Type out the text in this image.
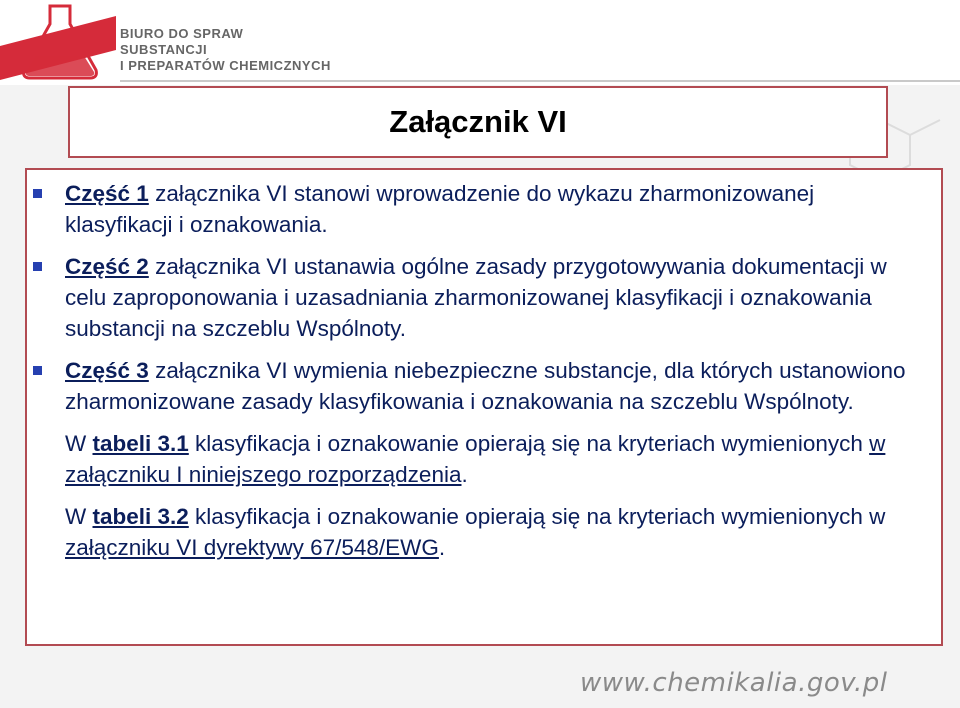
BIURO DO SPRAW
SUBSTANCJI
I PREPARATÓW CHEMICZNYCH
Załącznik VI
Część 1 załącznika VI stanowi wprowadzenie do wykazu zharmonizowanej klasyfikacji i oznakowania.
Część 2 załącznika VI ustanawia ogólne zasady przygotowywania dokumentacji w celu zaproponowania i uzasadniania zharmonizowanej klasyfikacji i oznakowania substancji na szczeblu Wspólnoty.
Część 3 załącznika VI wymienia niebezpieczne substancje, dla których ustanowiono zharmonizowane zasady klasyfikowania i oznakowania na szczeblu Wspólnoty.
W tabeli 3.1 klasyfikacja i oznakowanie opierają się na kryteriach wymienionych w załączniku I niniejszego rozporządzenia.
W tabeli 3.2 klasyfikacja i oznakowanie opierają się na kryteriach wymienionych w załączniku VI dyrektywy 67/548/EWG.
www.chemikalia.gov.pl
